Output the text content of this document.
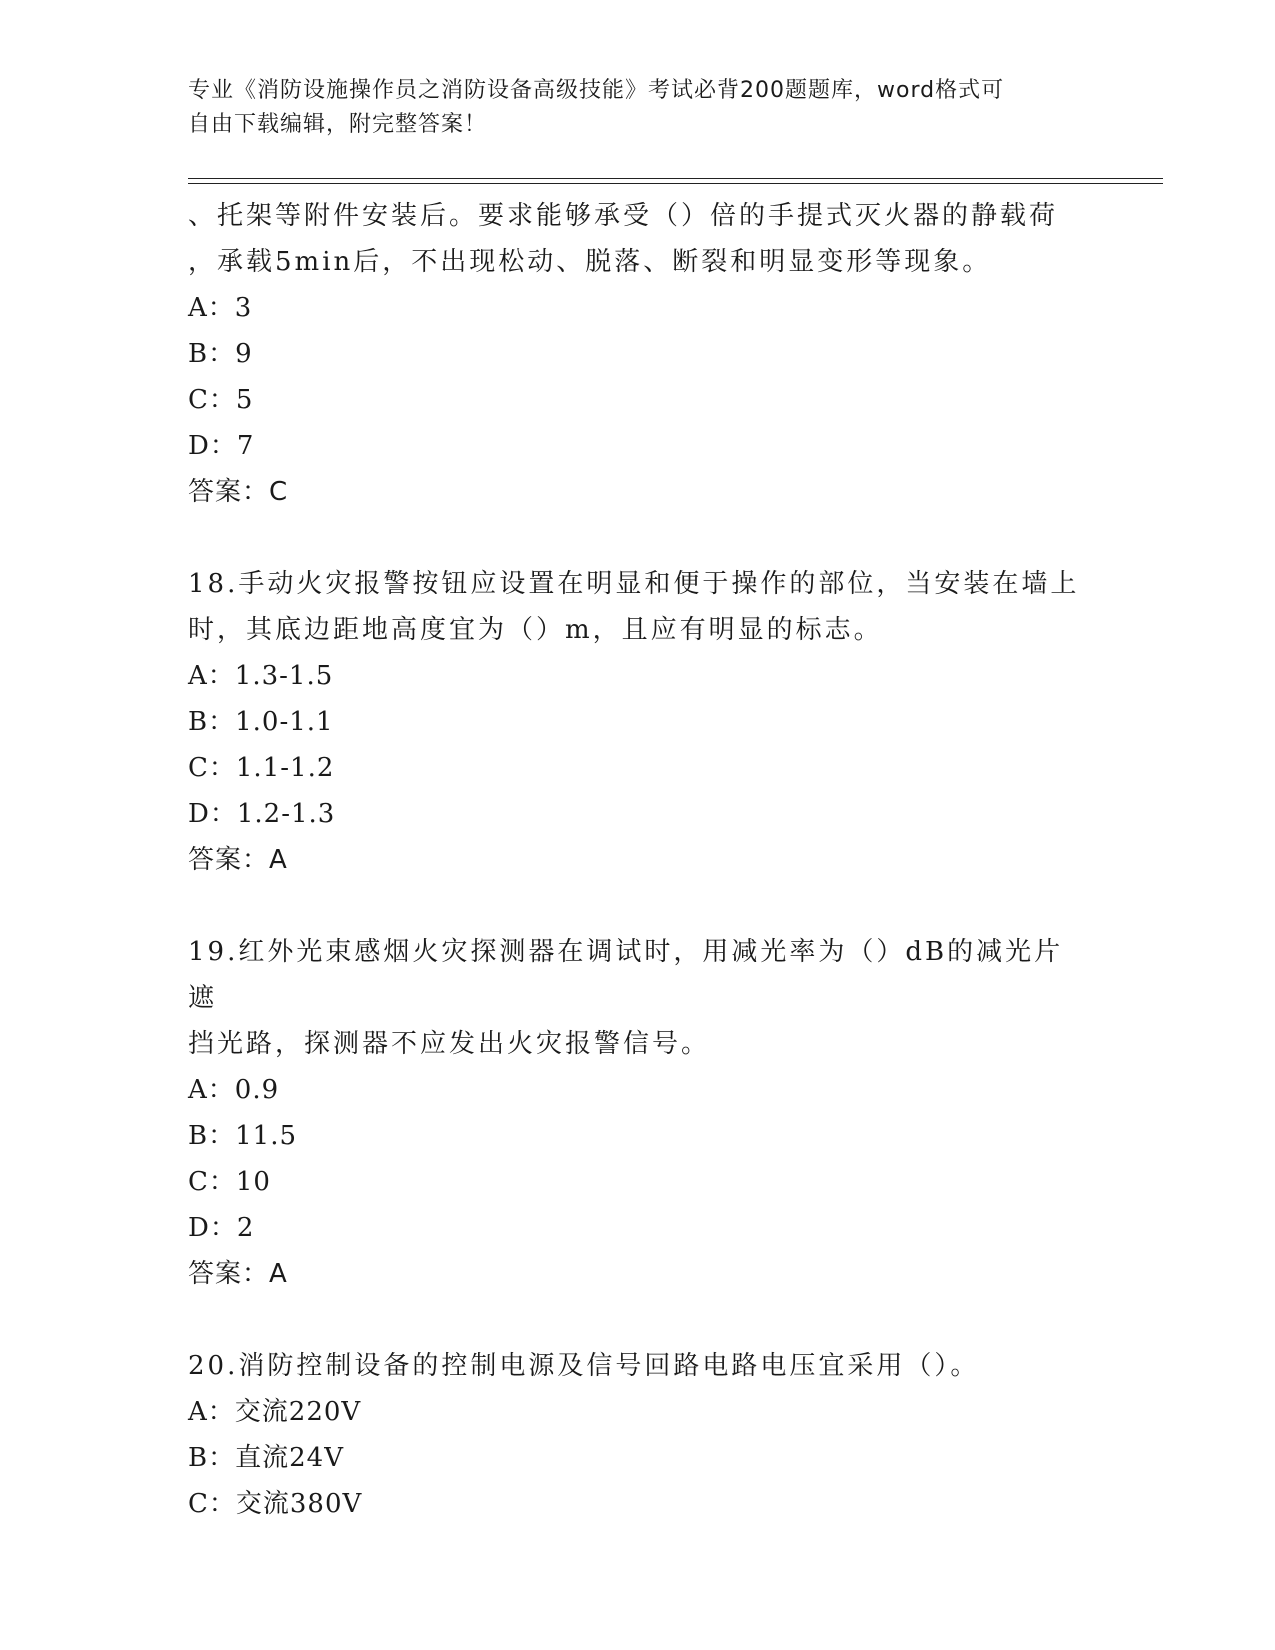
专业《消防设施操作员之消防设备高级技能》考试必背200题题库，word格式可
自由下载编辑，附完整答案！
、托架等附件安装后。要求能够承受（）倍的手提式灭火器的静载荷
，承载5min后，不出现松动、脱落、断裂和明显变形等现象。
A：3
B：9
C：5
D：7
答案：C
18.手动火灾报警按钮应设置在明显和便于操作的部位，当安装在墙上
时，其底边距地高度宜为（）m，且应有明显的标志。
A：1.3-1.5
B：1.0-1.1
C：1.1-1.2
D：1.2-1.3
答案：A
19.红外光束感烟火灾探测器在调试时，用减光率为（）dB的减光片遮
挡光路，探测器不应发出火灾报警信号。
A：0.9
B：11.5
C：10
D：2
答案：A
20.消防控制设备的控制电源及信号回路电路电压宜采用（）。
A：交流220V
B：直流24V
C：交流380V
